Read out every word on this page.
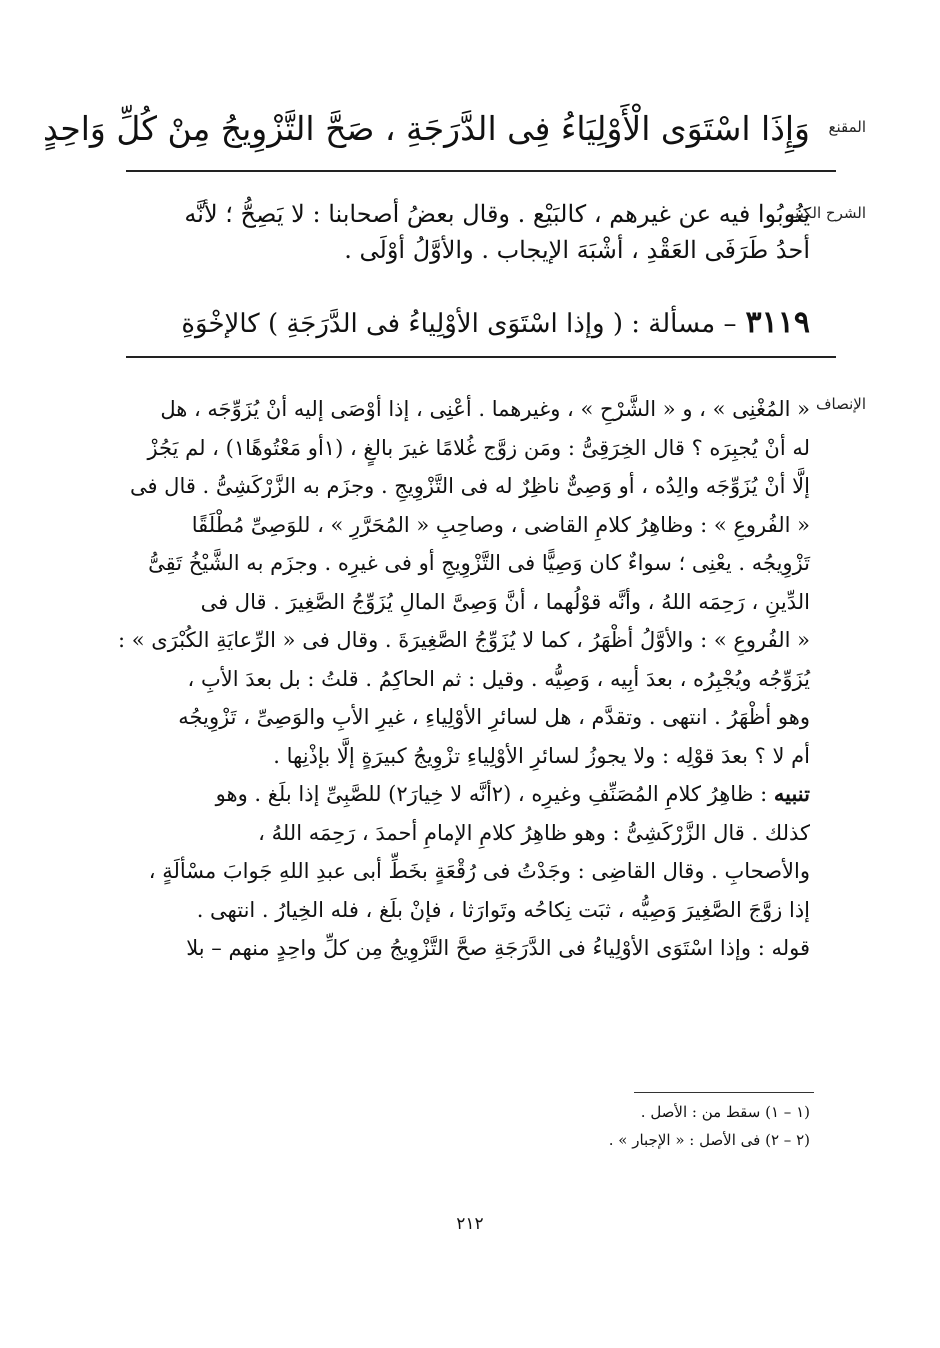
المقنع
وَإِذَا اسْتَوَى الْأَوْلِيَاءُ فِى الدَّرَجَةِ ، صَحَّ التَّزْوِيجُ مِنْ كُلِّ وَاحِدٍ
الشرح الكبير
يَنُوبُوا فيه عن غيرهم ، كالبَيْع . وقال بعضُ أصحابنا : لا يَصِحُّ ؛ لأنَّه
أحدُ طَرَفَى العَقْدِ ، أشْبَهَ الإيجاب . والأوَّلُ أوْلَى .
٣١١٩ – مسألة : ( وإذا اسْتَوَى الأوْلِياءُ فى الدَّرَجَةِ ) كالإخْوَةِ
الإنصاف
« المُغْنِى » ، و « الشَّرْحِ » ، وغيرهما . أعْنِى ، إذا أوْصَى إليه أنْ يُزَوِّجَه ، هل
له أنْ يُجبِرَه ؟ قال الخِرَقِىُّ : ومَن زوَّج غُلامًا غيرَ بالغٍ ، (١أو مَعْتُوهًا١) ، لم يَجُزْ
إلَّا أنْ يُزَوِّجَه والِدُه ، أو وَصِىٌّ ناظِرٌ له فى التَّزْوِيجِ . وجزَم به الزَّرْكَشِىُّ . قال فى
« الفُروعِ » : وظاهِرُ كلامِ القاضى ، وصاحِبِ « المُحَرَّرِ » ، للوَصِىِّ مُطْلَقًا
تَزْوِيجُه . يعْنِى ؛ سواءٌ كان وَصِيًّا فى التَّزْوِيجِ أو فى غيرِه . وجزَم به الشَّيْخُ تَقِىُّ
الدِّينِ ، رَحِمَه اللهُ ، وأنَّه قوْلُهما ، أنَّ وَصِىَّ المالِ يُزَوِّجُ الصَّغِيرَ . قال فى
« الفُروعِ » : والأوَّلُ أظْهَرُ ، كما لا يُزَوِّجُ الصَّغِيرَةَ . وقال فى « الرِّعايَةِ الكُبْرَى » :
يُزَوِّجُه ويُجْبِرُه ، بعدَ أبِيه ، وَصِيُّه . وقيل : ثم الحاكِمُ . قلتُ : بل بعدَ الأبِ ،
وهو أظْهَرُ . انتهى . وتقدَّم ، هل لسائرِ الأوْلِياءِ ، غيرِ الأبِ والوَصِىِّ ، تَزْوِيجُه
أم لا ؟ بعدَ قوْلِه : ولا يجوزُ لسائرِ الأوْلِياءِ تزْوِيجُ كبيرَةٍ إلَّا بإذْنِها .
تنبيه : ظاهِرُ كلامِ المُصَنِّفِ وغيرِه ، (٢أنَّه لا خِيارَ٢) للصَّبِىِّ إذا بلَغ . وهو
كذلك . قال الزَّرْكَشِىُّ : وهو ظاهِرُ كلامِ الإمامِ أحمدَ ، رَحِمَه اللهُ ،
والأصحابِ . وقال القاضِى : وجَدْتُ فى رُقْعَةٍ بخَطِّ أبى عبدِ اللهِ جَوابَ مسْألَةٍ ،
إذا زوَّجَ الصَّغِيرَ وَصِيُّه ، ثبَت نِكاحُه وتَوارَثا ، فإنْ بلَغ ، فله الخِيارُ . انتهى .
قوله : وإذا اسْتَوَى الأوْلِياءُ فى الدَّرَجَةِ صحَّ التَّزْوِيجُ مِن كلِّ واحِدٍ منهم – بلا
(١ – ١) سقط من : الأصل .
(٢ – ٢) فى الأصل : « الإجبار » .
٢١٢
